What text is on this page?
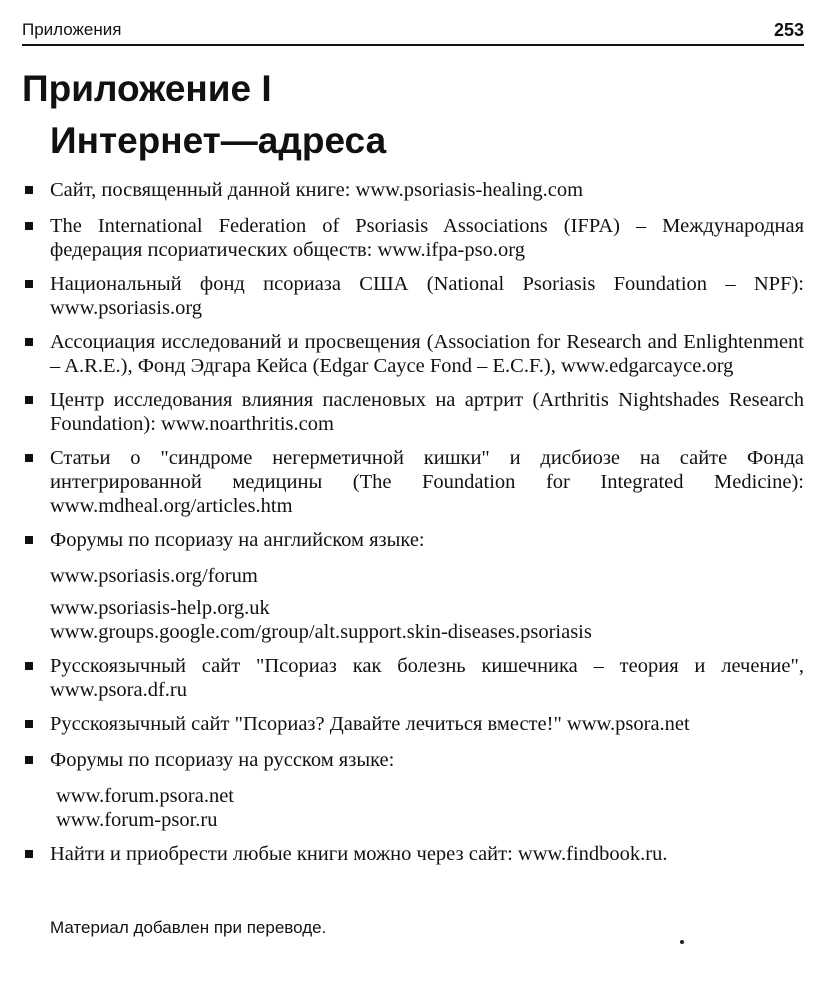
Приложения	253
Приложение I
Интернет—адреса
Сайт, посвященный данной книге: www.psoriasis-healing.com
The International Federation of Psoriasis Associations (IFPA) – Международная федерация псориатических обществ: www.ifpa-pso.org
Национальный фонд псориаза США (National Psoriasis Foundation – NPF): www.psoriasis.org
Ассоциация исследований и просвещения (Association for Research and Enlightenment – A.R.E.), Фонд Эдгара Кейса (Edgar Cayce Fond – E.C.F.), www.edgarcayce.org
Центр исследования влияния пасленовых на артрит (Arthritis Nightshades Research Foundation): www.noarthritis.com
Статьи о "синдроме негерметичной кишки" и дисбиозе на сайте Фонда интегрированной медицины (The Foundation for Integrated Medicine): www.mdheal.org/articles.htm
Форумы по псориазу на английском языке:
www.psoriasis.org/forum
www.psoriasis-help.org.uk
www.groups.google.com/group/alt.support.skin-diseases.psoriasis
Русскоязычный сайт "Псориаз как болезнь кишечника – теория и лечение", www.psora.df.ru
Русскоязычный сайт "Псориаз? Давайте лечиться вместе!" www.psora.net
Форумы по псориазу на русском языке:
www.forum.psora.net
www.forum-psor.ru
Найти и приобрести любые книги можно через сайт: www.findbook.ru.
Материал добавлен при переводе.
